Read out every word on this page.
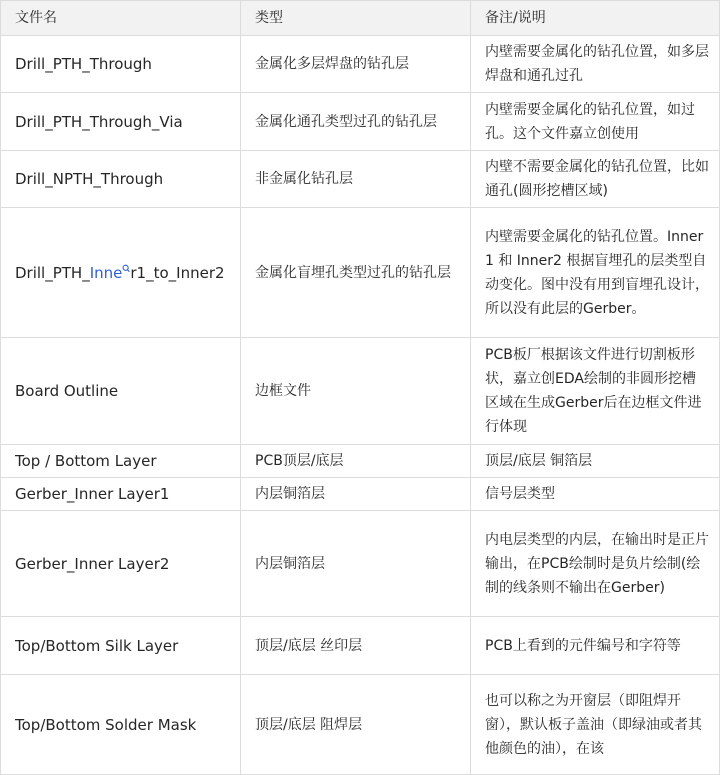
文件名	类型	备注/说明
Drill_PTH_Through	金属化多层焊盘的钻孔层	内壁需要金属化的钻孔位置，如多层焊盘和通孔过孔
Drill_PTH_Through_Via	金属化通孔类型过孔的钻孔层	内壁需要金属化的钻孔位置，如过孔。这个文件嘉立创使用
Drill_NPTH_Through	非金属化钻孔层	内壁不需要金属化的钻孔位置，比如通孔(圆形挖槽区域)
Drill_PTH_Inne r1_to_Inner2	金属化盲埋孔类型过孔的钻孔层	内壁需要金属化的钻孔位置。Inner1 和 Inner2 根据盲埋孔的层类型自动变化。图中没有用到盲埋孔设计，所以没有此层的Gerber。
Board Outline	边框文件	PCB板厂根据该文件进行切割板形状，嘉立创EDA绘制的非圆形挖槽区域在生成Gerber后在边框文件进行体现
Top / Bottom Layer	PCB顶层/底层	顶层/底层 铜箔层
Gerber_Inner Layer1	内层铜箔层	信号层类型
Gerber_Inner Layer2	内层铜箔层	内电层类型的内层，在输出时是正片输出，在PCB绘制时是负片绘制(绘制的线条则不输出在Gerber)
Top/Bottom Silk Layer	顶层/底层 丝印层	PCB上看到的元件编号和字符等
Top/Bottom Solder Mask	顶层/底层 阻焊层	也可以称之为开窗层（即阻焊开窗），默认板子盖油（即绿油或者其他颜色的油），在该
